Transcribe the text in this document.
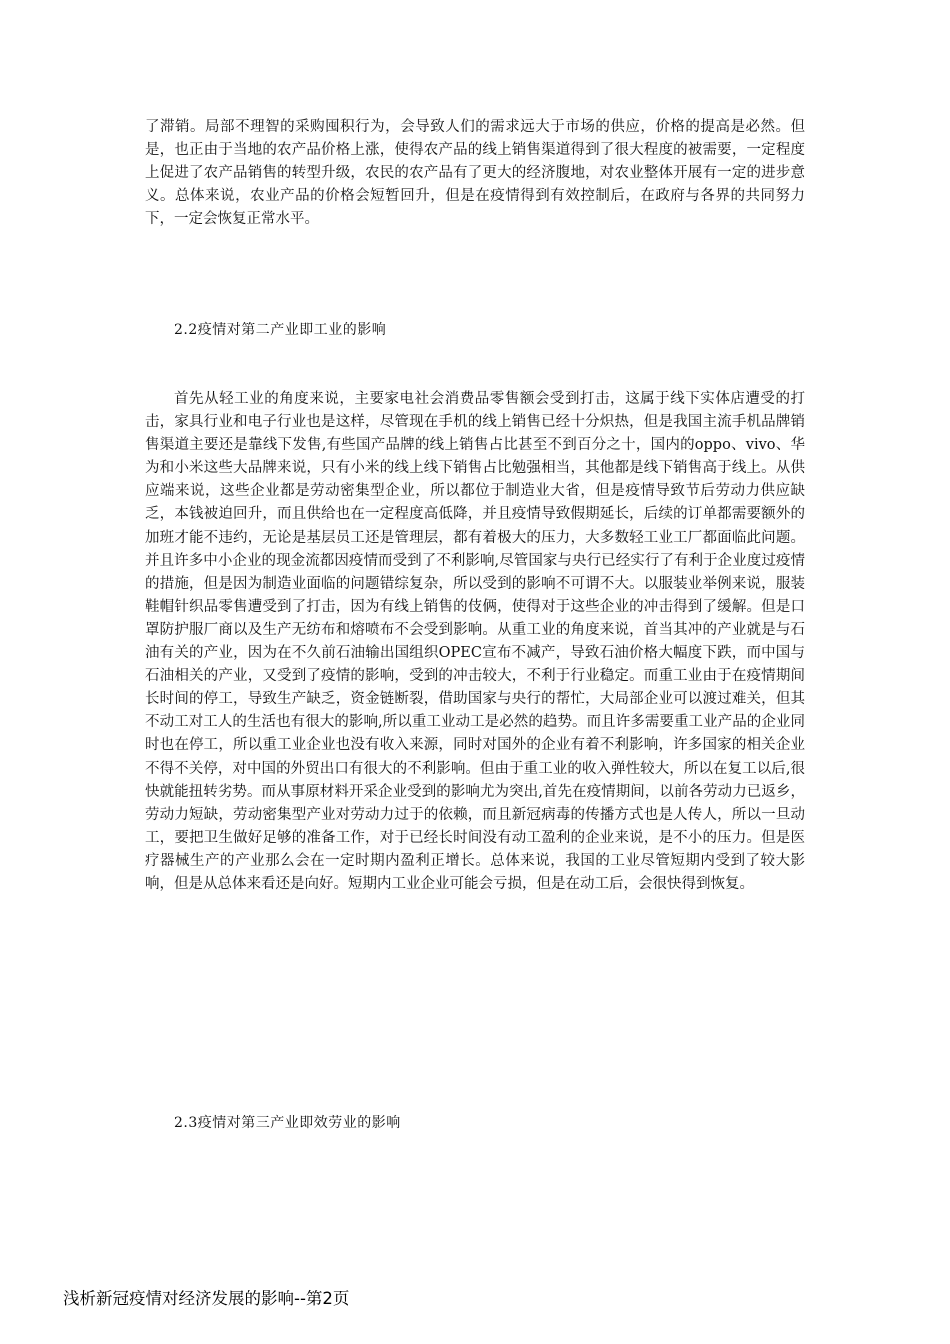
了滞销。局部不理智的采购囤积行为，会导致人们的需求远大于市场的供应，价格的提高是必然。但是，也正由于当地的农产品价格上涨，使得农产品的线上销售渠道得到了很大程度的被需要，一定程度上促进了农产品销售的转型升级，农民的农产品有了更大的经济腹地，对农业整体开展有一定的进步意义。总体来说，农业产品的价格会短暂回升，但是在疫情得到有效控制后，在政府与各界的共同努力下，一定会恢复正常水平。

2.2疫情对第二产业即工业的影响

首先从轻工业的角度来说，主要家电社会消费品零售额会受到打击，这属于线下实体店遭受的打击，家具行业和电子行业也是这样，尽管现在手机的线上销售已经十分炽热，但是我国主流手机品牌销售渠道主要还是靠线下发售,有些国产品牌的线上销售占比甚至不到百分之十，国内的oppo、vivo、华为和小米这些大品牌来说，只有小米的线上线下销售占比勉强相当，其他都是线下销售高于线上。从供应端来说，这些企业都是劳动密集型企业，所以都位于制造业大省，但是疫情导致节后劳动力供应缺乏，本钱被迫回升，而且供给也在一定程度高低降，并且疫情导致假期延长，后续的订单都需要额外的加班才能不违约，无论是基层员工还是管理层，都有着极大的压力，大多数轻工业工厂都面临此问题。并且许多中小企业的现金流都因疫情而受到了不利影响,尽管国家与央行已经实行了有利于企业度过疫情的措施，但是因为制造业面临的问题错综复杂，所以受到的影响不可谓不大。以服装业举例来说，服装鞋帽针织品零售遭受到了打击，因为有线上销售的伎俩，使得对于这些企业的冲击得到了缓解。但是口罩防护服厂商以及生产无纺布和熔喷布不会受到影响。从重工业的角度来说，首当其冲的产业就是与石油有关的产业，因为在不久前石油输出国组织OPEC宣布不减产，导致石油价格大幅度下跌，而中国与石油相关的产业，又受到了疫情的影响，受到的冲击较大，不利于行业稳定。而重工业由于在疫情期间长时间的停工，导致生产缺乏，资金链断裂，借助国家与央行的帮忙，大局部企业可以渡过难关，但其不动工对工人的生活也有很大的影响,所以重工业动工是必然的趋势。而且许多需要重工业产品的企业同时也在停工，所以重工业企业也没有收入来源，同时对国外的企业有着不利影响，许多国家的相关企业不得不关停，对中国的外贸出口有很大的不利影响。但由于重工业的收入弹性较大，所以在复工以后,很快就能扭转劣势。而从事原材料开采企业受到的影响尤为突出,首先在疫情期间，以前各劳动力已返乡，劳动力短缺，劳动密集型产业对劳动力过于的依赖，而且新冠病毒的传播方式也是人传人，所以一旦动工，要把卫生做好足够的准备工作，对于已经长时间没有动工盈利的企业来说，是不小的压力。但是医疗器械生产的产业那么会在一定时期内盈利正增长。总体来说，我国的工业尽管短期内受到了较大影响，但是从总体来看还是向好。短期内工业企业可能会亏损，但是在动工后，会很快得到恢复。

2.3疫情对第三产业即效劳业的影响

浅析新冠疫情对经济发展的影响--第2页
